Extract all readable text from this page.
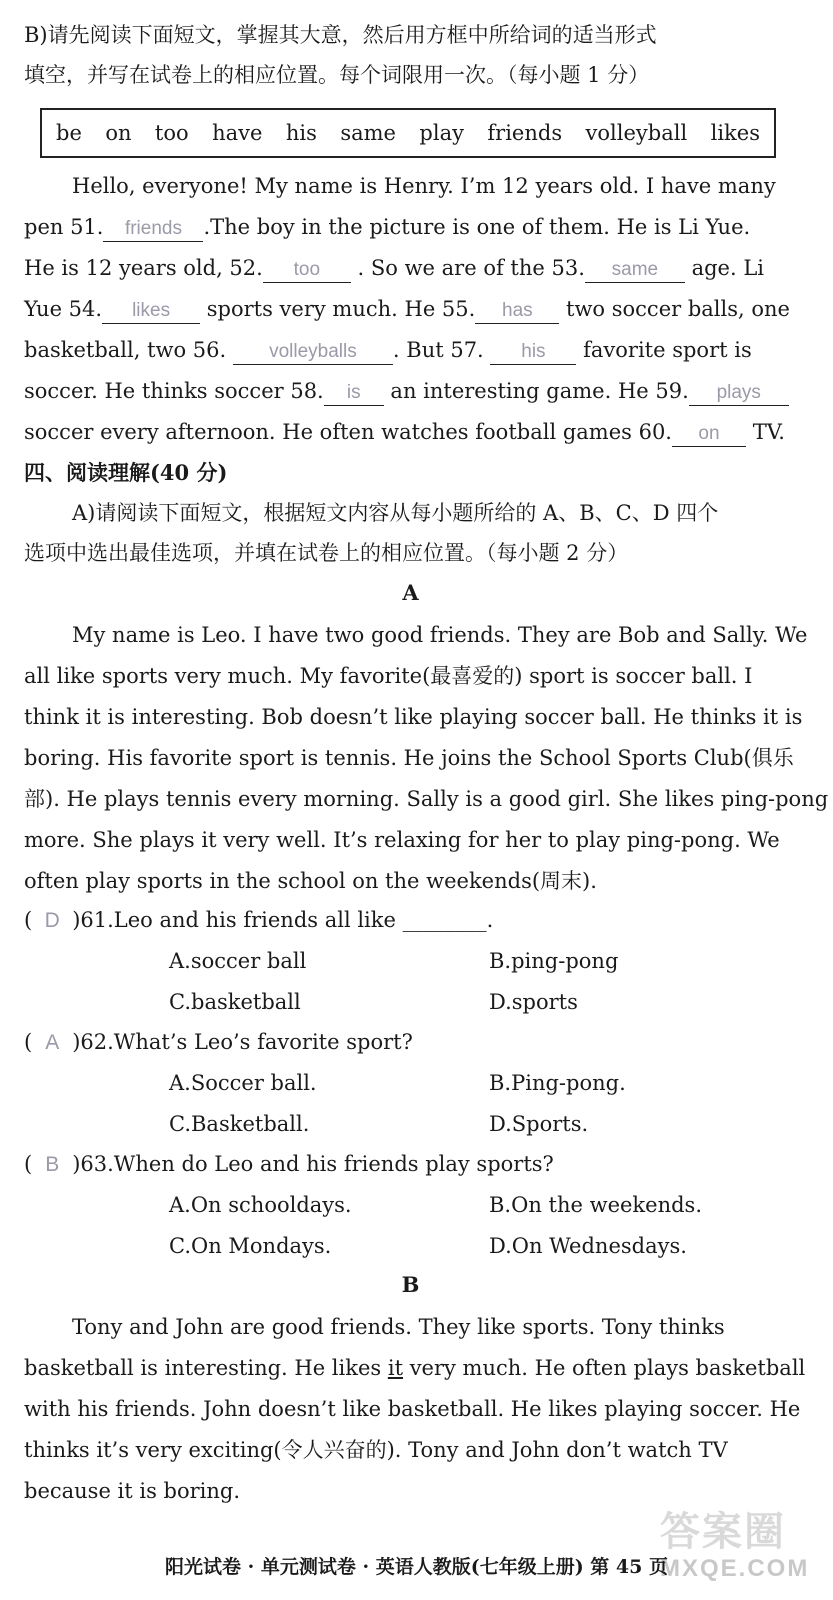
B)请先阅读下面短文，掌握其大意，然后用方框中所给词的适当形式
填空，并写在试卷上的相应位置。每个词限用一次。（每小题 1 分）
be on too have his same play friends volleyball likes
Hello, everyone! My name is Henry. I’m 12 years old. I have many
pen 51. friends .The boy in the picture is one of them. He is Li Yue.
He is 12 years old, 52. too . So we are of the 53. same age. Li
Yue 54. likes sports very much. He 55. has two soccer balls, one
basketball, two 56. volleyballs . But 57. his favorite sport is
soccer. He thinks soccer 58. is an interesting game. He 59. plays
soccer every afternoon. He often watches football games 60. on TV.
四、阅读理解(40 分)
A)请阅读下面短文，根据短文内容从每小题所给的 A、B、C、D 四个
选项中选出最佳选项，并填在试卷上的相应位置。（每小题 2 分）
A
My name is Leo. I have two good friends. They are Bob and Sally. We
all like sports very much. My favorite(最喜爱的) sport is soccer ball. I
think it is interesting. Bob doesn’t like playing soccer ball. He thinks it is
boring. His favorite sport is tennis. He joins the School Sports Club(俱乐
部). He plays tennis every morning. Sally is a good girl. She likes ping-pong
more. She plays it very well. It’s relaxing for her to play ping-pong. We
often play sports in the school on the weekends(周末).
( D )61.Leo and his friends all like ________.
A.soccer ball	B.ping-pong
C.basketball	D.sports
( A )62.What’s Leo’s favorite sport?
A.Soccer ball.	B.Ping-pong.
C.Basketball.	D.Sports.
( B )63.When do Leo and his friends play sports?
A.On schooldays.	B.On the weekends.
C.On Mondays.	D.On Wednesdays.
B
Tony and John are good friends. They like sports. Tony thinks
basketball is interesting. He likes it very much. He often plays basketball
with his friends. John doesn’t like basketball. He likes playing soccer. He
thinks it’s very exciting(令人兴奋的). Tony and John don’t watch TV
because it is boring.
答案圈
MXQE.COM
阳光试卷 · 单元测试卷 · 英语人教版(七年级上册) 第 45 页
